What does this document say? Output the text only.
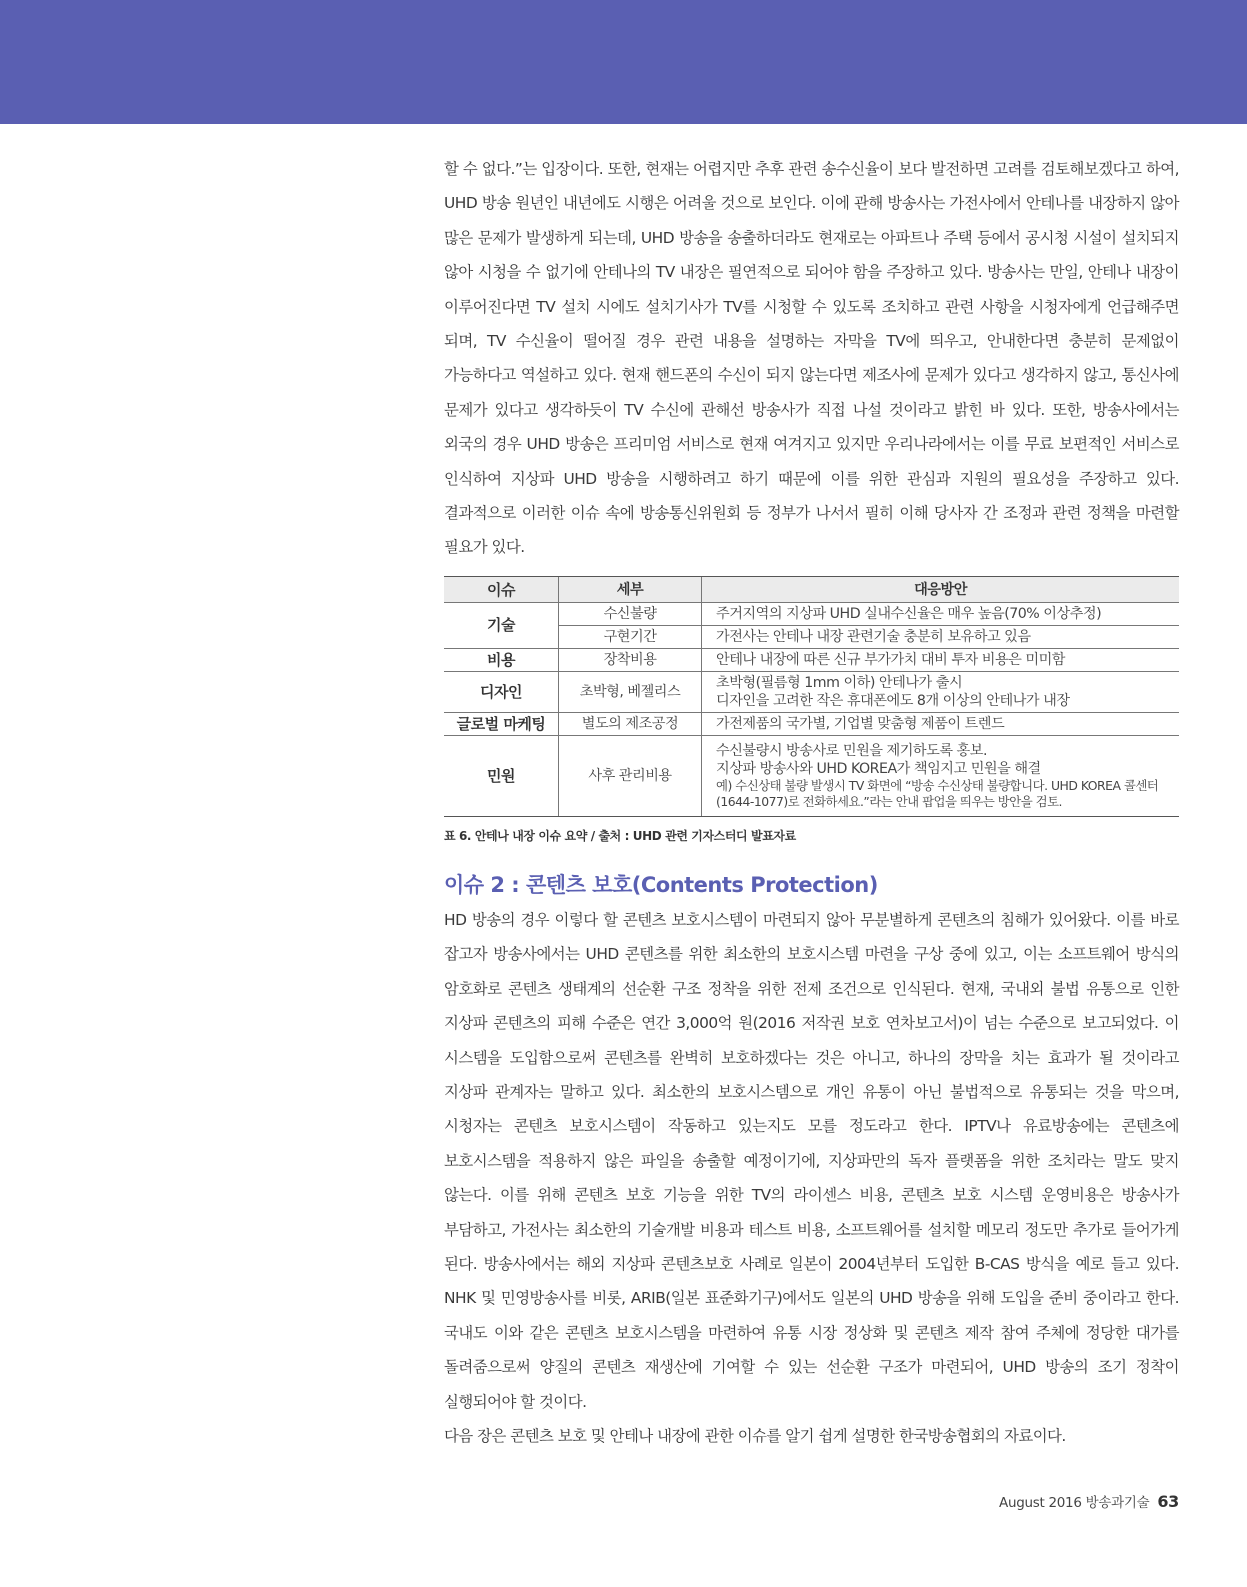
할 수 없다.”는 입장이다. 또한, 현재는 어렵지만 추후 관련 송수신율이 보다 발전하면 고려를 검토해보겠다고 하여, UHD 방송 원년인 내년에도 시행은 어려울 것으로 보인다. 이에 관해 방송사는 가전사에서 안테나를 내장하지 않아 많은 문제가 발생하게 되는데, UHD 방송을 송출하더라도 현재로는 아파트나 주택 등에서 공시청 시설이 설치되지 않아 시청을 수 없기에 안테나의 TV 내장은 필연적으로 되어야 함을 주장하고 있다. 방송사는 만일, 안테나 내장이 이루어진다면 TV 설치 시에도 설치기사가 TV를 시청할 수 있도록 조치하고 관련 사항을 시청자에게 언급해주면 되며, TV 수신율이 떨어질 경우 관련 내용을 설명하는 자막을 TV에 띄우고, 안내한다면 충분히 문제없이 가능하다고 역설하고 있다. 현재 핸드폰의 수신이 되지 않는다면 제조사에 문제가 있다고 생각하지 않고, 통신사에 문제가 있다고 생각하듯이 TV 수신에 관해선 방송사가 직접 나설 것이라고 밝힌 바 있다. 또한, 방송사에서는 외국의 경우 UHD 방송은 프리미엄 서비스로 현재 여겨지고 있지만 우리나라에서는 이를 무료 보편적인 서비스로 인식하여 지상파 UHD 방송을 시행하려고 하기 때문에 이를 위한 관심과 지원의 필요성을 주장하고 있다. 결과적으로 이러한 이슈 속에 방송통신위원회 등 정부가 나서서 필히 이해 당사자 간 조정과 관련 정책을 마련할 필요가 있다.

이슈	세부	대응방안
기술	수신불량	주거지역의 지상파 UHD 실내수신율은 매우 높음(70% 이상추정)
	구현기간	가전사는 안테나 내장 관련기술 충분히 보유하고 있음
비용	장착비용	안테나 내장에 따른 신규 부가가치 대비 투자 비용은 미미함
디자인	초박형, 베젤리스	초박형(필름형 1mm 이하) 안테나가 출시
디자인을 고려한 작은 휴대폰에도 8개 이상의 안테나가 내장

글로벌 마케팅	별도의 제조공정	가전제품의 국가별, 기업별 맞춤형 제품이 트렌드
민원	사후 관리비용	수신불량시 방송사로 민원을 제기하도록 홍보.
지상파 방송사와 UHD KOREA가 책임지고 민원을 해결
예) 수신상태 불량 발생시 TV 화면에 “방송 수신상태 불량합니다. UHD KOREA 콜센터(1644-1077)로 전화하세요.”라는 안내 팝업을 띄우는 방안을 검토.
표 6. 안테나 내장 이슈 요약 / 출처 : UHD 관련 기자스터디 발표자료
이슈 2 : 콘텐츠 보호(Contents Protection)

HD 방송의 경우 이렇다 할 콘텐츠 보호시스템이 마련되지 않아 무분별하게 콘텐츠의 침해가 있어왔다. 이를 바로 잡고자 방송사에서는 UHD 콘텐츠를 위한 최소한의 보호시스템 마련을 구상 중에 있고, 이는 소프트웨어 방식의 암호화로 콘텐츠 생태계의 선순환 구조 정착을 위한 전제 조건으로 인식된다. 현재, 국내외 불법 유통으로 인한 지상파 콘텐츠의 피해 수준은 연간 3,000억 원(2016 저작권 보호 연차보고서)이 넘는 수준으로 보고되었다. 이 시스템을 도입함으로써 콘텐츠를 완벽히 보호하겠다는 것은 아니고, 하나의 장막을 치는 효과가 될 것이라고 지상파 관계자는 말하고 있다. 최소한의 보호시스템으로 개인 유통이 아닌 불법적으로 유통되는 것을 막으며, 시청자는 콘텐츠 보호시스템이 작동하고 있는지도 모를 정도라고 한다. IPTV나 유료방송에는 콘텐츠에 보호시스템을 적용하지 않은 파일을 송출할 예정이기에, 지상파만의 독자 플랫폼을 위한 조치라는 말도 맞지 않는다. 이를 위해 콘텐츠 보호 기능을 위한 TV의 라이센스 비용, 콘텐츠 보호 시스템 운영비용은 방송사가 부담하고, 가전사는 최소한의 기술개발 비용과 테스트 비용, 소프트웨어를 설치할 메모리 정도만 추가로 들어가게 된다. 방송사에서는 해외 지상파 콘텐츠보호 사례로 일본이 2004년부터 도입한 B-CAS 방식을 예로 들고 있다. NHK 및 민영방송사를 비롯, ARIB(일본 표준화기구)에서도 일본의 UHD 방송을 위해 도입을 준비 중이라고 한다. 국내도 이와 같은 콘텐츠 보호시스템을 마련하여 유통 시장 정상화 및 콘텐츠 제작 참여 주체에 정당한 대가를 돌려줌으로써 양질의 콘텐츠 재생산에 기여할 수 있는 선순환 구조가 마련되어, UHD 방송의 조기 정착이 실행되어야 할 것이다.

다음 장은 콘텐츠 보호 및 안테나 내장에 관한 이슈를 알기 쉽게 설명한 한국방송협회의 자료이다.

August 2016 방송과기술 63
